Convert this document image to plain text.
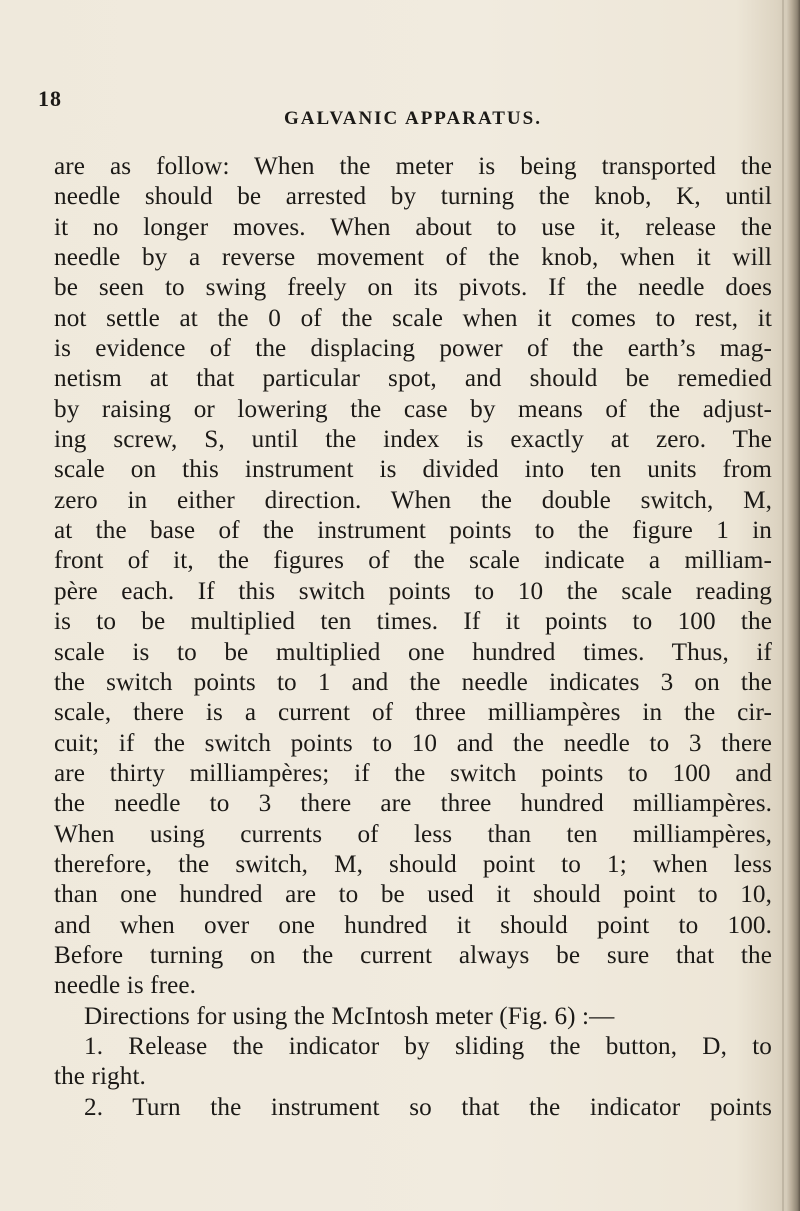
18
GALVANIC APPARATUS.
are as follow: When the meter is being transported the
needle should be arrested by turning the knob, K, until
it no longer moves. When about to use it, release the
needle by a reverse movement of the knob, when it will
be seen to swing freely on its pivots. If the needle does
not settle at the 0 of the scale when it comes to rest, it
is evidence of the displacing power of the earth’s mag-
netism at that particular spot, and should be remedied
by raising or lowering the case by means of the adjust-
ing screw, S, until the index is exactly at zero. The
scale on this instrument is divided into ten units from
zero in either direction. When the double switch, M,
at the base of the instrument points to the figure 1 in
front of it, the figures of the scale indicate a milliam-
père each. If this switch points to 10 the scale reading
is to be multiplied ten times. If it points to 100 the
scale is to be multiplied one hundred times. Thus, if
the switch points to 1 and the needle indicates 3 on the
scale, there is a current of three milliampères in the cir-
cuit; if the switch points to 10 and the needle to 3 there
are thirty milliampères; if the switch points to 100 and
the needle to 3 there are three hundred milliampères.
When using currents of less than ten milliampères,
therefore, the switch, M, should point to 1; when less
than one hundred are to be used it should point to 10,
and when over one hundred it should point to 100.
Before turning on the current always be sure that the
needle is free.
Directions for using the McIntosh meter (Fig. 6) :—
1. Release the indicator by sliding the button, D, to
the right.
2. Turn the instrument so that the indicator points
